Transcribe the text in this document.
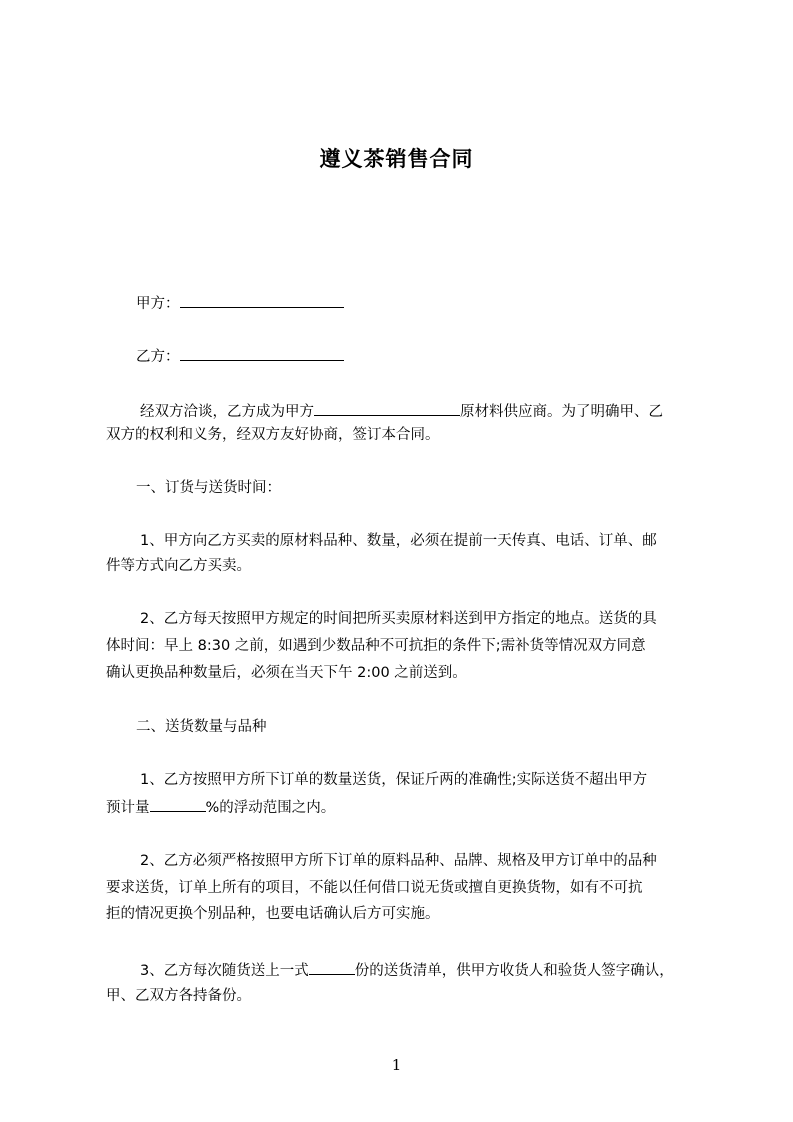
遵义茶销售合同
甲方：
乙方：
经双方洽谈，乙方成为甲方	原材料供应商。为了明确甲、乙
双方的权利和义务，经双方友好协商，签订本合同。
一、订货与送货时间：
1、甲方向乙方买卖的原材料品种、数量，必须在提前一天传真、电话、订单、邮
件等方式向乙方买卖。
2、乙方每天按照甲方规定的时间把所买卖原材料送到甲方指定的地点。送货的具
体时间：早上 8:30 之前，如遇到少数品种不可抗拒的条件下;需补货等情况双方同意
确认更换品种数量后，必须在当天下午 2:00 之前送到。
二、送货数量与品种
1、乙方按照甲方所下订单的数量送货，保证斤两的准确性;实际送货不超出甲方
预计量	%的浮动范围之内。
2、乙方必须严格按照甲方所下订单的原料品种、品牌、规格及甲方订单中的品种
要求送货，订单上所有的项目，不能以任何借口说无货或擅自更换货物，如有不可抗
拒的情况更换个别品种，也要电话确认后方可实施。
3、乙方每次随货送上一式	份的送货清单，供甲方收货人和验货人签字确认，
甲、乙双方各持备份。
1
